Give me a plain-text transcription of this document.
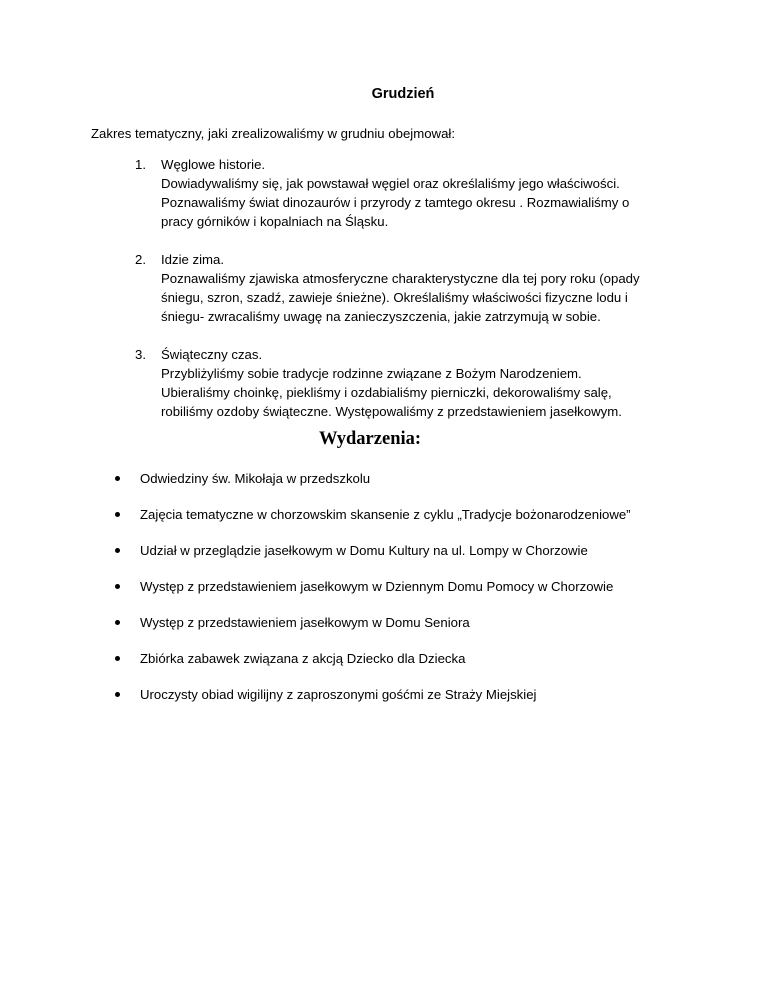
Grudzień
Zakres tematyczny, jaki zrealizowaliśmy w grudniu obejmował:
1. Węglowe historie.
Dowiadywaliśmy się, jak powstawał węgiel oraz określaliśmy jego właściwości.
Poznawaliśmy świat dinozaurów i przyrody z tamtego okresu . Rozmawialiśmy o
pracy górników i kopalniach na Śląsku.
2. Idzie zima.
Poznawaliśmy zjawiska atmosferyczne charakterystyczne dla tej pory roku (opady
śniegu, szron, szadź, zawieje śnieżne). Określaliśmy właściwości fizyczne lodu i
śniegu- zwracaliśmy uwagę na zanieczyszczenia, jakie zatrzymują w sobie.
3. Świąteczny czas.
Przybliżyliśmy sobie tradycje rodzinne związane z Bożym Narodzeniem.
Ubieraliśmy choinkę, piekliśmy i ozdabialiśmy pierniczki, dekorowaliśmy salę,
robiliśmy ozdoby świąteczne. Występowaliśmy z przedstawieniem jasełkowym.
Wydarzenia:
Odwiedziny św. Mikołaja w przedszkolu
Zajęcia tematyczne w chorzowskim skansenie z cyklu „Tradycje bożonarodzeniowe”
Udział w przeglądzie jasełkowym w Domu Kultury na ul. Lompy w Chorzowie
Występ z przedstawieniem jasełkowym w Dziennym Domu Pomocy w Chorzowie
Występ z przedstawieniem jasełkowym w Domu Seniora
Zbiórka zabawek związana z akcją Dziecko dla Dziecka
Uroczysty obiad wigilijny z zaproszonymi gośćmi ze Straży Miejskiej
